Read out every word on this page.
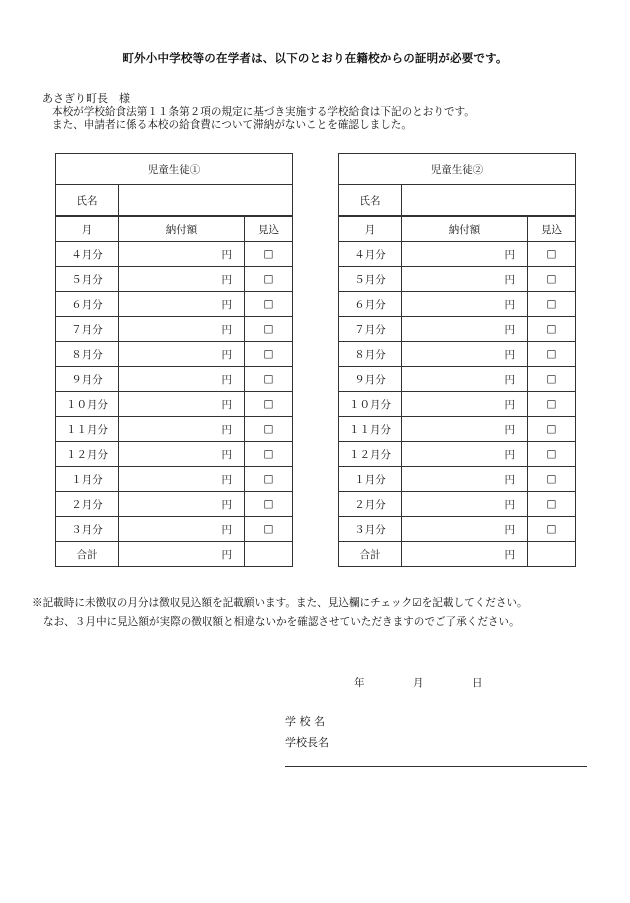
町外小中学校等の在学者は、以下のとおり在籍校からの証明が必要です。
あさぎり町長　様
本校が学校給食法第１１条第２項の規定に基づき実施する学校給食は下記のとおりです。
また、申請者に係る本校の給食費について滞納がないことを確認しました。
児童生徒①		
氏名		
月	納付額	見込
４月分	円	□
５月分	円	□
６月分	円	□
７月分	円	□
８月分	円	□
９月分	円	□
１０月分	円	□
１１月分	円	□
１２月分	円	□
１月分	円	□
２月分	円	□
３月分	円	□
合計	円	
児童生徒②		
氏名		
月	納付額	見込
４月分	円	□
５月分	円	□
６月分	円	□
７月分	円	□
８月分	円	□
９月分	円	□
１０月分	円	□
１１月分	円	□
１２月分	円	□
１月分	円	□
２月分	円	□
３月分	円	□
合計	円	
※記載時に未徴収の月分は徴収見込額を記載願います。また、見込欄にチェック☑を記載してください。
なお、３月中に見込額が実際の徴収額と相違ないかを確認させていただきますのでご了承ください。
年	月	日
学 校 名
学校長名
